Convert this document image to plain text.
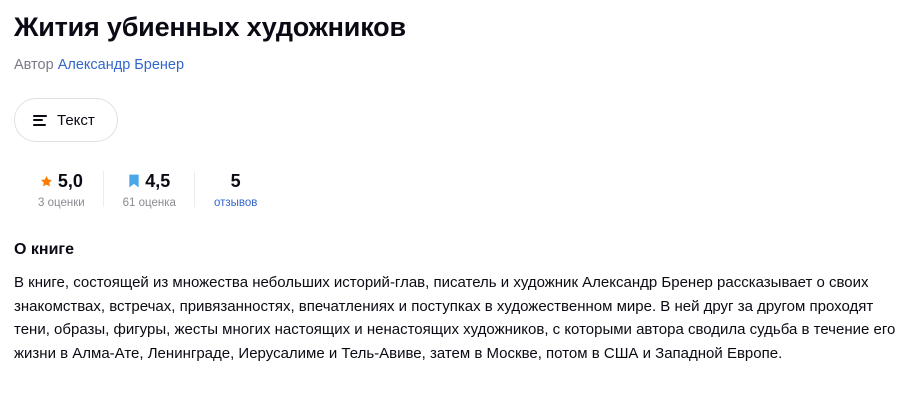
Жития убиенных художников
Автор Александр Бренер
Текст
5,0
3 оценки
4,5
61 оценка
5
отзывов
О книге

В книге, состоящей из множества небольших историй-глав, писатель и художник Александр Бренер рассказывает о своих знакомствах, встречах, привязанностях, впечатлениях и поступках в художественном мире. В ней друг за другом проходят тени, образы, фигуры, жесты многих настоящих и ненастоящих художников, с которыми автора сводила судьба в течение его жизни в Алма-Ате, Ленинграде, Иерусалиме и Тель-Авиве, затем в Москве, потом в США и Западной Европе.
